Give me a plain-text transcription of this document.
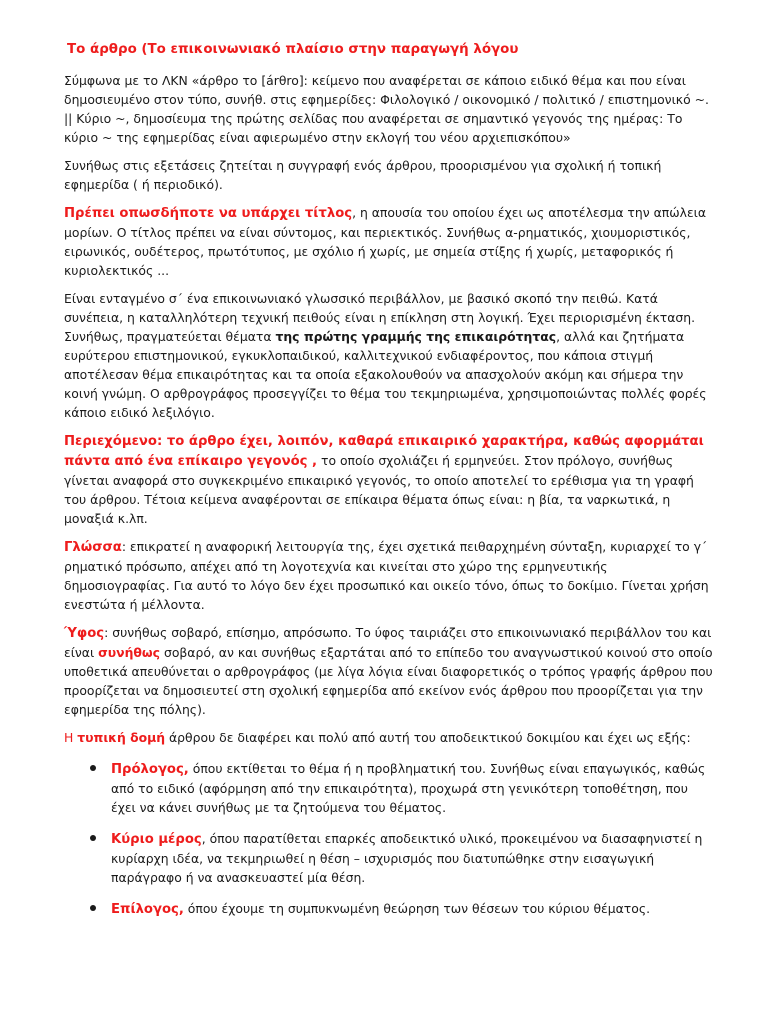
Το άρθρο (Το επικοινωνιακό πλαίσιο στην παραγωγή λόγου

Σύμφωνα με το ΛΚΝ «άρθρο το [árθro]: κείμενο που αναφέρεται σε κάποιο ειδικό θέμα και που είναι δημοσιευμένο στον τύπο, συνήθ. στις εφημερίδες: Φιλολογικό / οικονομικό / πολιτικό / επιστημονικό ~. || Κύριο ~, δημοσίευμα της πρώτης σελίδας που αναφέρεται σε σημαντικό γεγονός της ημέρας: Το κύριο ~ της εφημερίδας είναι αφιερωμένο στην εκλογή του νέου αρχιεπισκόπου»

Συνήθως στις εξετάσεις ζητείται η συγγραφή ενός άρθρου, προορισμένου για σχολική ή τοπική εφημερίδα ( ή περιοδικό).

Πρέπει οπωσδήποτε να υπάρχει τίτλος, η απουσία του οποίου έχει ως αποτέλεσμα την απώλεια μορίων. Ο τίτλος πρέπει να είναι σύντομος, και περιεκτικός. Συνήθως α-ρηματικός, χιουμοριστικός, ειρωνικός, ουδέτερος, πρωτότυπος, με σχόλιο ή χωρίς, με σημεία στίξης ή χωρίς, μεταφορικός ή κυριολεκτικός ...

Είναι ενταγμένο σ΄ ένα επικοινωνιακό γλωσσικό περιβάλλον, με βασικό σκοπό την πειθώ. Κατά συνέπεια, η καταλληλότερη τεχνική πειθούς είναι η επίκληση στη λογική. Έχει περιορισμένη έκταση. Συνήθως, πραγματεύεται θέματα της πρώτης γραμμής της επικαιρότητας, αλλά και ζητήματα ευρύτερου επιστημονικού, εγκυκλοπαιδικού, καλλιτεχνικού ενδιαφέροντος, που κάποια στιγμή αποτέλεσαν θέμα επικαιρότητας και τα οποία εξακολουθούν να απασχολούν ακόμη και σήμερα την κοινή γνώμη. Ο αρθρογράφος προσεγγίζει το θέμα του τεκμηριωμένα, χρησιμοποιώντας πολλές φορές κάποιο ειδικό λεξιλόγιο.

Περιεχόμενο: το άρθρο έχει, λοιπόν, καθαρά επικαιρικό χαρακτήρα, καθώς αφορμάται πάντα από ένα επίκαιρο γεγονός , το οποίο σχολιάζει ή ερμηνεύει. Στον πρόλογο, συνήθως γίνεται αναφορά στο συγκεκριμένο επικαιρικό γεγονός, το οποίο αποτελεί το ερέθισμα για τη γραφή του άρθρου. Τέτοια κείμενα αναφέρονται σε επίκαιρα θέματα όπως είναι: η βία, τα ναρκωτικά, η μοναξιά κ.λπ.

Γλώσσα: επικρατεί η αναφορική λειτουργία της, έχει σχετικά πειθαρχημένη σύνταξη, κυριαρχεί το γ΄ ρηματικό πρόσωπο, απέχει από τη λογοτεχνία και κινείται στο χώρο της ερμηνευτικής δημοσιογραφίας. Για αυτό το λόγο δεν έχει προσωπικό και οικείο τόνο, όπως το δοκίμιο. Γίνεται χρήση ενεστώτα ή μέλλοντα.

Ύφος: συνήθως σοβαρό, επίσημο, απρόσωπο. Το ύφος ταιριάζει στο επικοινωνιακό περιβάλλον του και είναι συνήθως σοβαρό, αν και συνήθως εξαρτάται από το επίπεδο του αναγνωστικού κοινού στο οποίο υποθετικά απευθύνεται ο αρθρογράφος (με λίγα λόγια είναι διαφορετικός ο τρόπος γραφής άρθρου που προορίζεται να δημοσιευτεί στη σχολική εφημερίδα από εκείνον ενός άρθρου που προορίζεται για την εφημερίδα της πόλης).

Η τυπική δομή άρθρου δε διαφέρει και πολύ από αυτή του αποδεικτικού δοκιμίου και έχει ως εξής:

Πρόλογος, όπου εκτίθεται το θέμα ή η προβληματική του. Συνήθως είναι επαγωγικός, καθώς από το ειδικό (αφόρμηση από την επικαιρότητα), προχωρά στη γενικότερη τοποθέτηση, που έχει να κάνει συνήθως με τα ζητούμενα του θέματος.
Κύριο μέρος, όπου παρατίθεται επαρκές αποδεικτικό υλικό, προκειμένου να διασαφηνιστεί η κυρίαρχη ιδέα, να τεκμηριωθεί η θέση – ισχυρισμός που διατυπώθηκε στην εισαγωγική παράγραφο ή να ανασκευαστεί μία θέση.
Επίλογος, όπου έχουμε τη συμπυκνωμένη θεώρηση των θέσεων του κύριου θέματος.
